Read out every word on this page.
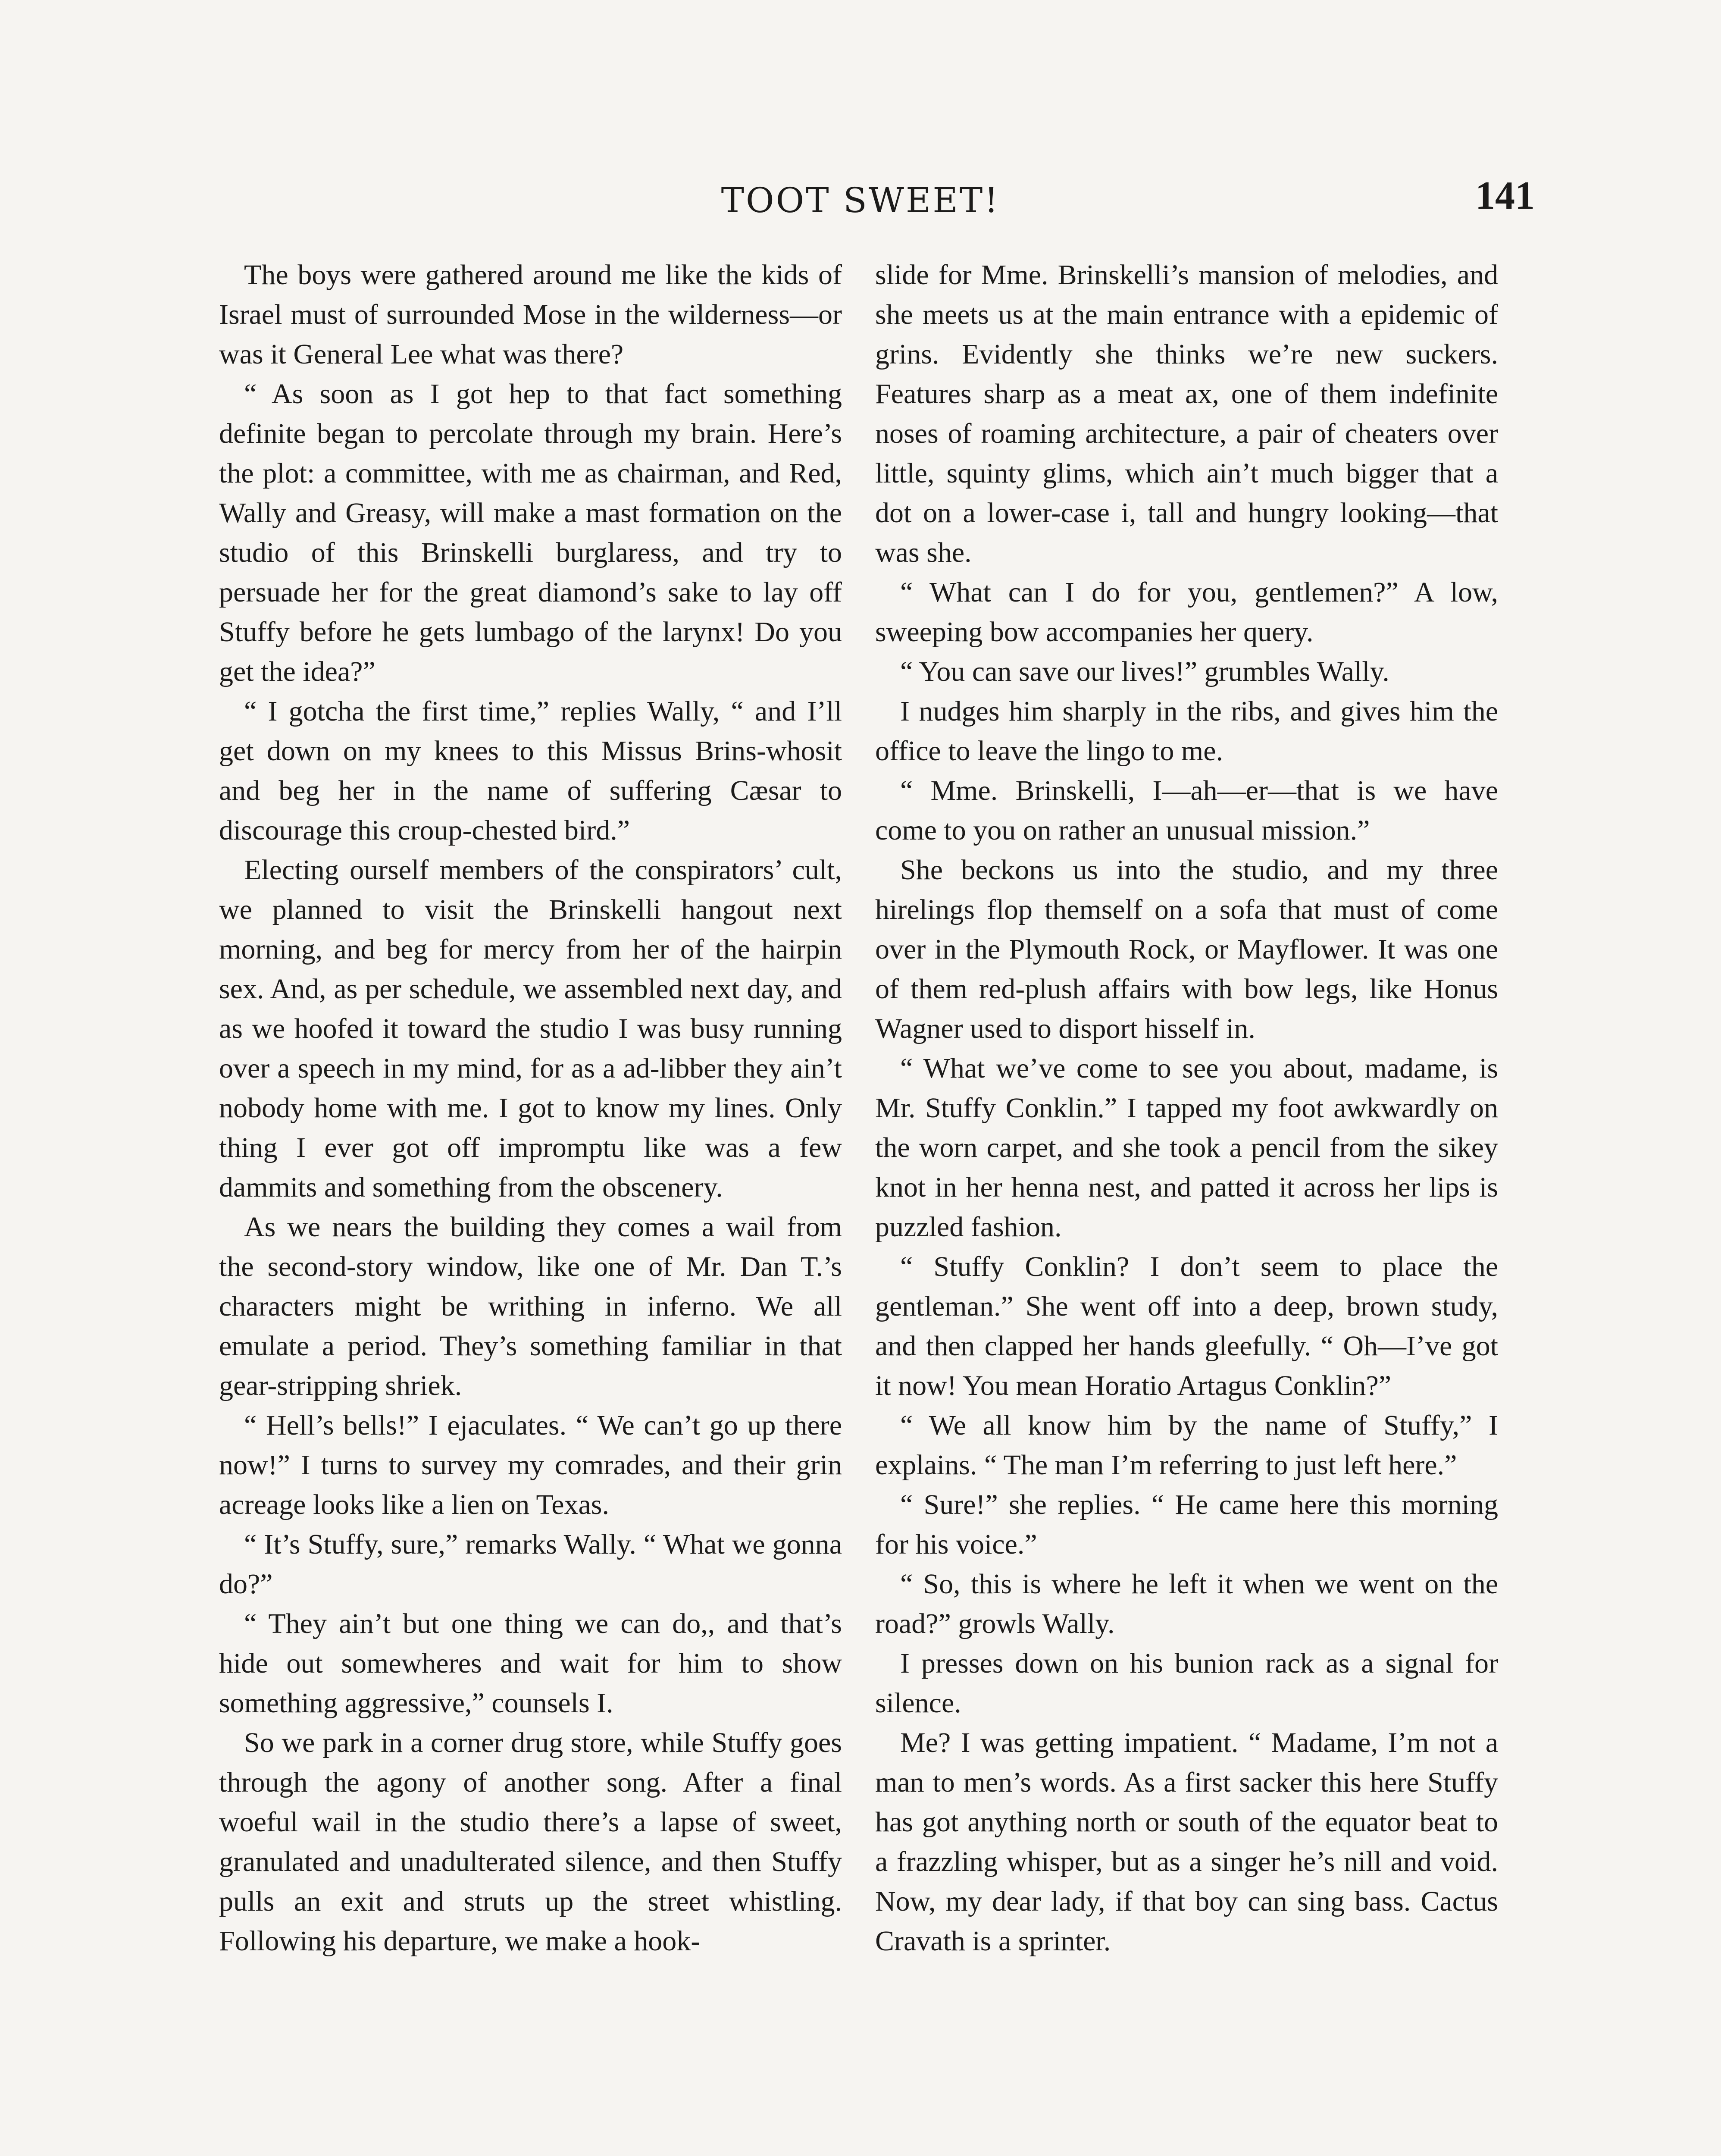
TOOT SWEET!	141

The boys were gathered around me like the kids of Israel must of surrounded Mose in the wilderness—or was it General Lee what was there?

“ As soon as I got hep to that fact something definite began to percolate through my brain. Here’s the plot: a committee, with me as chairman, and Red, Wally and Greasy, will make a mast formation on the studio of this Brinskelli burglaress, and try to persuade her for the great diamond’s sake to lay off Stuffy before he gets lumbago of the larynx! Do you get the idea?”

“ I gotcha the first time,” replies Wally, “ and I’ll get down on my knees to this Missus Brins-whosit and beg her in the name of suffering Cæsar to discourage this croup-chested bird.”

Electing ourself members of the conspirators’ cult, we planned to visit the Brinskelli hangout next morning, and beg for mercy from her of the hairpin sex. And, as per schedule, we assembled next day, and as we hoofed it toward the studio I was busy running over a speech in my mind, for as a ad-libber they ain’t nobody home with me. I got to know my lines. Only thing I ever got off impromptu like was a few dammits and something from the obscenery.

As we nears the building they comes a wail from the second-story window, like one of Mr. Dan T.’s characters might be writhing in inferno. We all emulate a period. They’s something familiar in that gear-stripping shriek.

“ Hell’s bells!” I ejaculates. “ We can’t go up there now!” I turns to survey my comrades, and their grin acreage looks like a lien on Texas.

“ It’s Stuffy, sure,” remarks Wally. “ What we gonna do?”

“ They ain’t but one thing we can do,, and that’s hide out somewheres and wait for him to show something aggressive,” counsels I.

So we park in a corner drug store, while Stuffy goes through the agony of another song. After a final woeful wail in the studio there’s a lapse of sweet, granulated and unadulterated silence, and then Stuffy pulls an exit and struts up the street whistling. Following his departure, we make a hook-

slide for Mme. Brinskelli’s mansion of melodies, and she meets us at the main entrance with a epidemic of grins. Evidently she thinks we’re new suckers. Features sharp as a meat ax, one of them indefinite noses of roaming architecture, a pair of cheaters over little, squinty glims, which ain’t much bigger that a dot on a lower-case i, tall and hungry looking—that was she.

“ What can I do for you, gentlemen?” A low, sweeping bow accompanies her query.

“ You can save our lives!” grumbles Wally.

I nudges him sharply in the ribs, and gives him the office to leave the lingo to me.

“ Mme. Brinskelli, I—ah—er—that is we have come to you on rather an unusual mission.”

She beckons us into the studio, and my three hirelings flop themself on a sofa that must of come over in the Plymouth Rock, or Mayflower. It was one of them red-plush affairs with bow legs, like Honus Wagner used to disport hisself in.

“ What we’ve come to see you about, madame, is Mr. Stuffy Conklin.” I tapped my foot awkwardly on the worn carpet, and she took a pencil from the sikey knot in her henna nest, and patted it across her lips is puzzled fashion.

“ Stuffy Conklin? I don’t seem to place the gentleman.” She went off into a deep, brown study, and then clapped her hands gleefully. “ Oh—I’ve got it now! You mean Horatio Artagus Conklin?”

“ We all know him by the name of Stuffy,” I explains. “ The man I’m referring to just left here.”

“ Sure!” she replies. “ He came here this morning for his voice.”

“ So, this is where he left it when we went on the road?” growls Wally.

I presses down on his bunion rack as a signal for silence.

Me? I was getting impatient. “ Madame, I’m not a man to men’s words. As a first sacker this here Stuffy has got anything north or south of the equator beat to a frazzling whisper, but as a singer he’s nill and void. Now, my dear lady, if that boy can sing bass. Cactus Cravath is a sprinter.
